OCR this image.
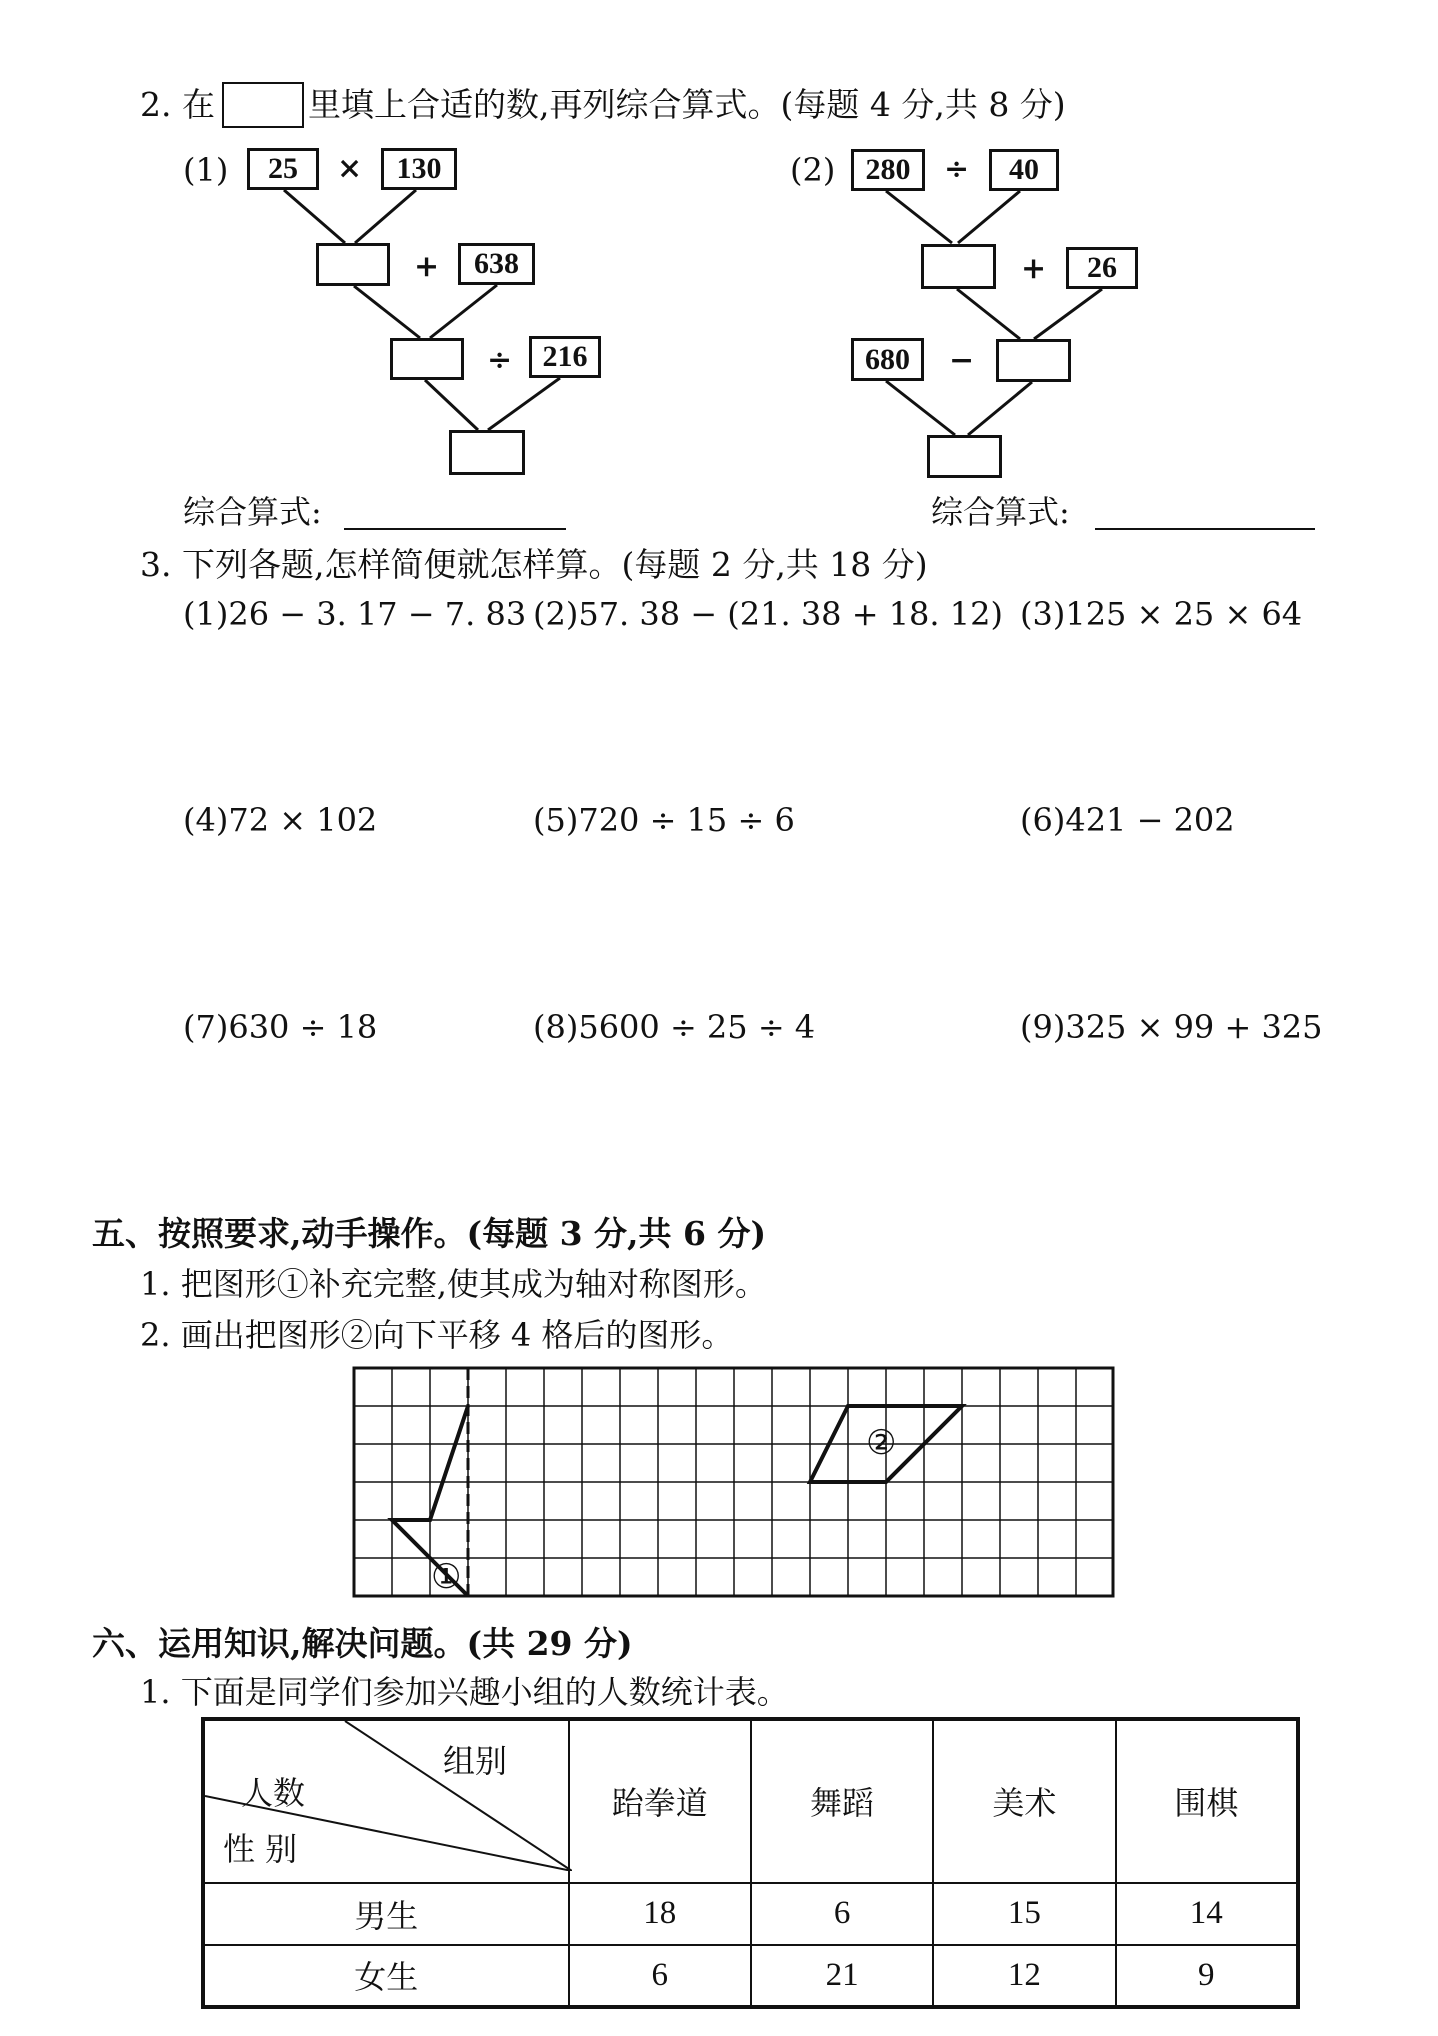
2. 在	里填上合适的数,再列综合算式。(每题 4 分,共 8 分)
(1)	25	×	130
+	638
÷	216
(2)	280	÷	40
+	26
680	−
综合算式:	综合算式:
3. 下列各题,怎样简便就怎样算。(每题 2 分,共 18 分)
(1)26 − 3. 17 − 7. 83 (2)57. 38 − (21. 38 + 18. 12) (3)125 × 25 × 64
(4)72 × 102	(5)720 ÷ 15 ÷ 6	(6)421 − 202
(7)630 ÷ 18	(8)5600 ÷ 25 ÷ 4	(9)325 × 99 + 325
五、按照要求,动手操作。(每题 3 分,共 6 分)
1. 把图形①补充完整,使其成为轴对称图形。
2. 画出把图形②向下平移 4 格后的图形。
①
②
六、运用知识,解决问题。(共 29 分)
1. 下面是同学们参加兴趣小组的人数统计表。
组别
人数
性 别	跆拳道	舞蹈	美术	围棋
男生	18	6	15	14
女生	6	21	12	9
